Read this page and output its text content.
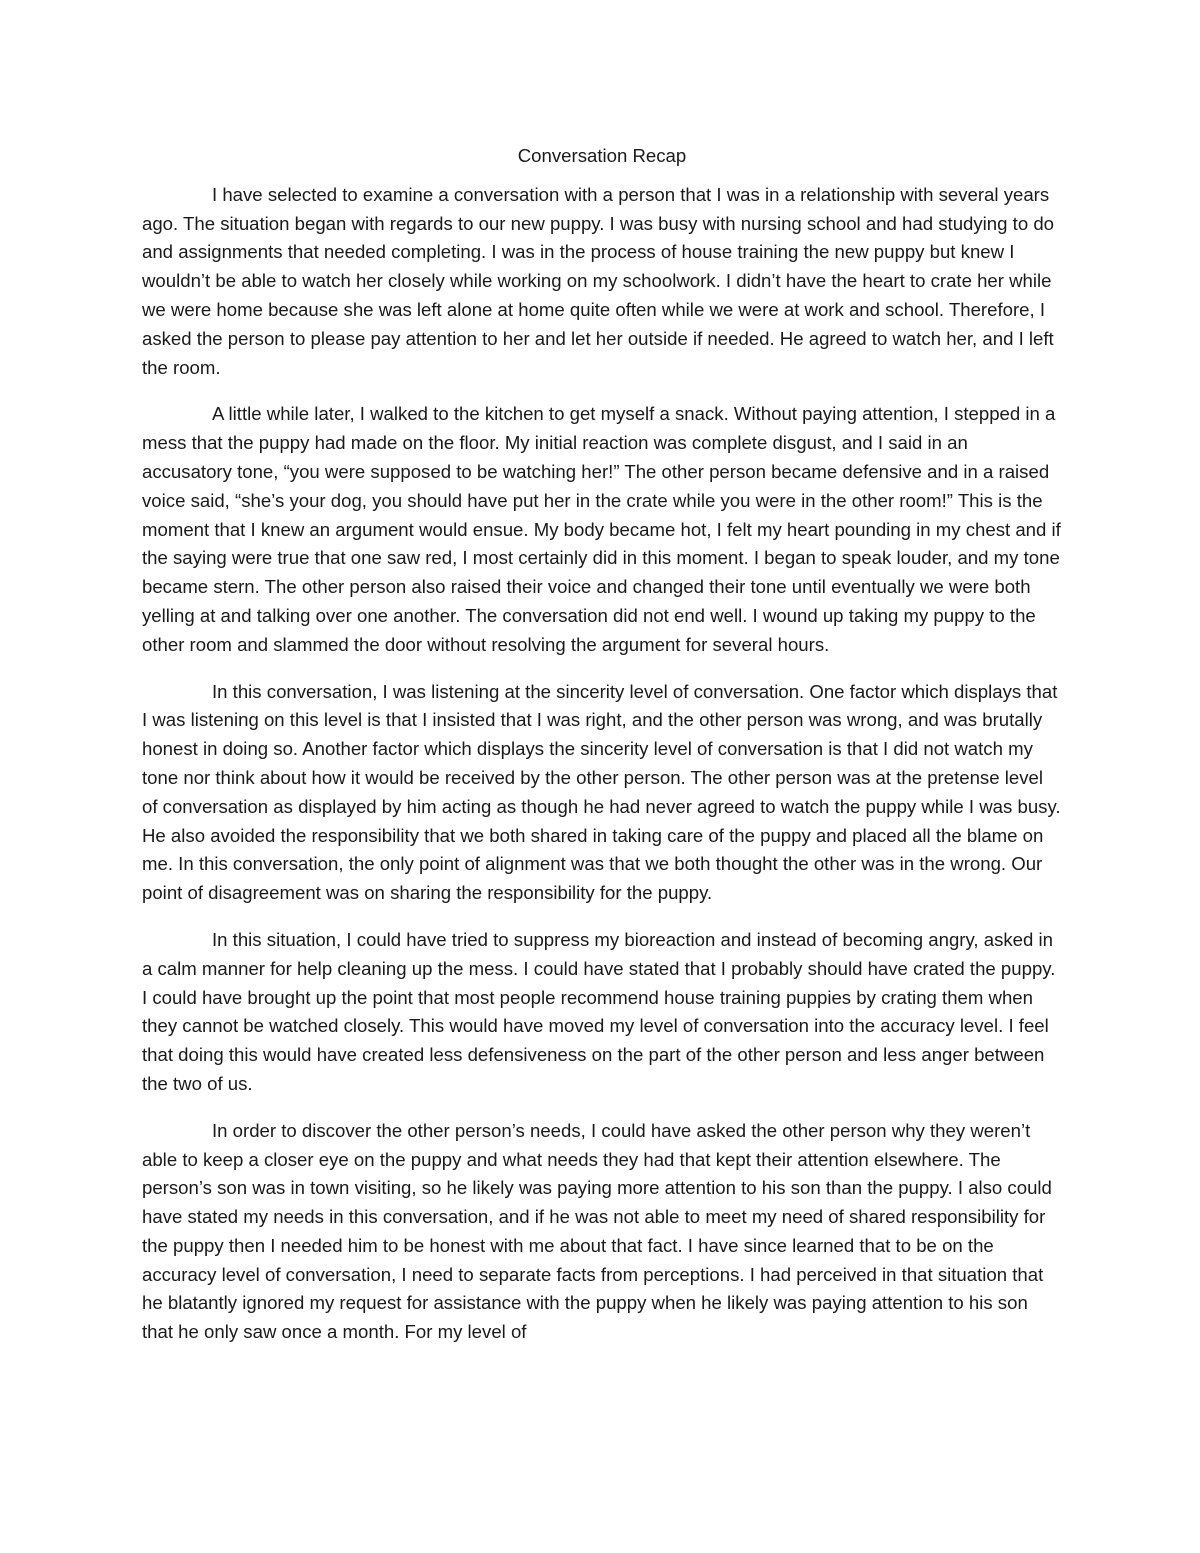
Conversation Recap

I have selected to examine a conversation with a person that I was in a relationship with several years ago. The situation began with regards to our new puppy. I was busy with nursing school and had studying to do and assignments that needed completing. I was in the process of house training the new puppy but knew I wouldn’t be able to watch her closely while working on my schoolwork. I didn’t have the heart to crate her while we were home because she was left alone at home quite often while we were at work and school. Therefore, I asked the person to please pay attention to her and let her outside if needed. He agreed to watch her, and I left the room.

A little while later, I walked to the kitchen to get myself a snack. Without paying attention, I stepped in a mess that the puppy had made on the floor. My initial reaction was complete disgust, and I said in an accusatory tone, “you were supposed to be watching her!” The other person became defensive and in a raised voice said, “she’s your dog, you should have put her in the crate while you were in the other room!” This is the moment that I knew an argument would ensue. My body became hot, I felt my heart pounding in my chest and if the saying were true that one saw red, I most certainly did in this moment. I began to speak louder, and my tone became stern. The other person also raised their voice and changed their tone until eventually we were both yelling at and talking over one another. The conversation did not end well. I wound up taking my puppy to the other room and slammed the door without resolving the argument for several hours.

In this conversation, I was listening at the sincerity level of conversation. One factor which displays that I was listening on this level is that I insisted that I was right, and the other person was wrong, and was brutally honest in doing so. Another factor which displays the sincerity level of conversation is that I did not watch my tone nor think about how it would be received by the other person. The other person was at the pretense level of conversation as displayed by him acting as though he had never agreed to watch the puppy while I was busy. He also avoided the responsibility that we both shared in taking care of the puppy and placed all the blame on me. In this conversation, the only point of alignment was that we both thought the other was in the wrong. Our point of disagreement was on sharing the responsibility for the puppy.

In this situation, I could have tried to suppress my bioreaction and instead of becoming angry, asked in a calm manner for help cleaning up the mess. I could have stated that I probably should have crated the puppy. I could have brought up the point that most people recommend house training puppies by crating them when they cannot be watched closely. This would have moved my level of conversation into the accuracy level. I feel that doing this would have created less defensiveness on the part of the other person and less anger between the two of us.

In order to discover the other person’s needs, I could have asked the other person why they weren’t able to keep a closer eye on the puppy and what needs they had that kept their attention elsewhere. The person’s son was in town visiting, so he likely was paying more attention to his son than the puppy. I also could have stated my needs in this conversation, and if he was not able to meet my need of shared responsibility for the puppy then I needed him to be honest with me about that fact. I have since learned that to be on the accuracy level of conversation, I need to separate facts from perceptions. I had perceived in that situation that he blatantly ignored my request for assistance with the puppy when he likely was paying attention to his son that he only saw once a month. For my level of
